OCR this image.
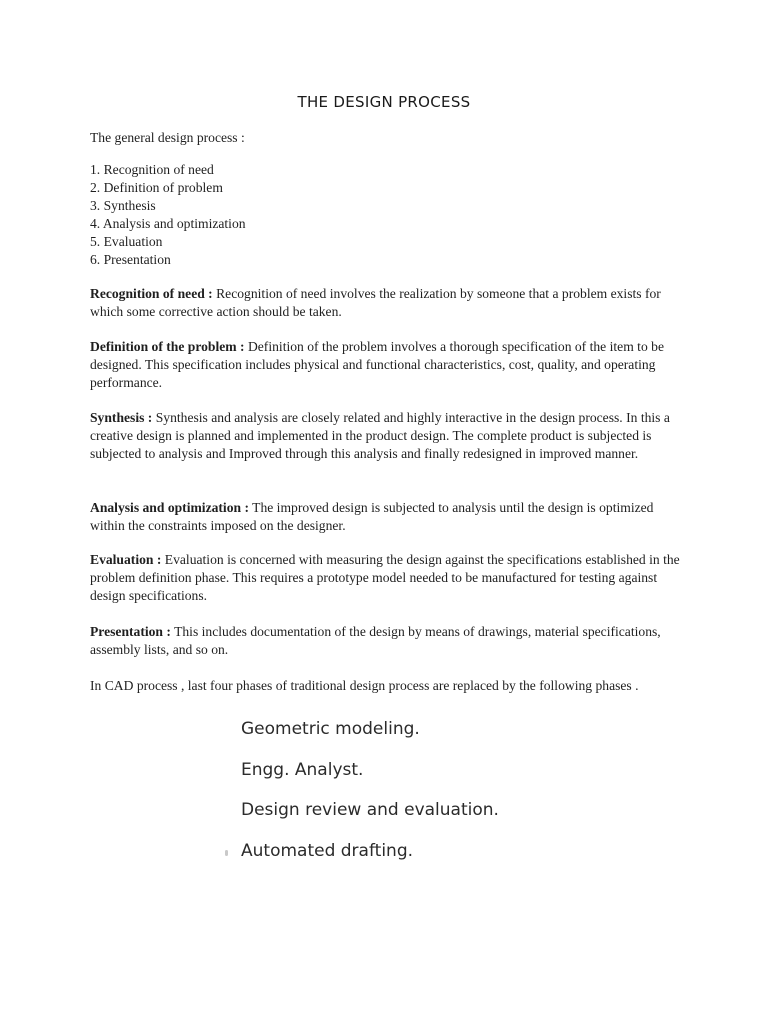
THE DESIGN PROCESS
The general design process :
1. Recognition of need
2. Definition of problem
3. Synthesis
4. Analysis and optimization
5. Evaluation
6. Presentation

Recognition of need : Recognition of need involves the realization by someone that a problem exists for which some corrective action should be taken.

Definition of the problem : Definition of the problem involves a thorough specification of the item to be designed. This specification includes physical and functional characteristics, cost, quality, and operating performance.

Synthesis : Synthesis and analysis are closely related and highly interactive in the design process. In this a creative design is planned and implemented in the product design. The complete product is subjected is subjected to analysis and Improved through this analysis and finally redesigned in improved manner.

Analysis and optimization : The improved design is subjected to analysis until the design is optimized within the constraints imposed on the designer.

Evaluation : Evaluation is concerned with measuring the design against the specifications established in the problem definition phase. This requires a prototype model needed to be manufactured for testing against design specifications.

Presentation : This includes documentation of the design by means of drawings, material specifications, assembly lists, and so on.

In CAD process , last four phases of traditional design process are replaced by the following phases .

Geometric modeling.
Engg. Analyst.
Design review and evaluation.
Automated drafting.
